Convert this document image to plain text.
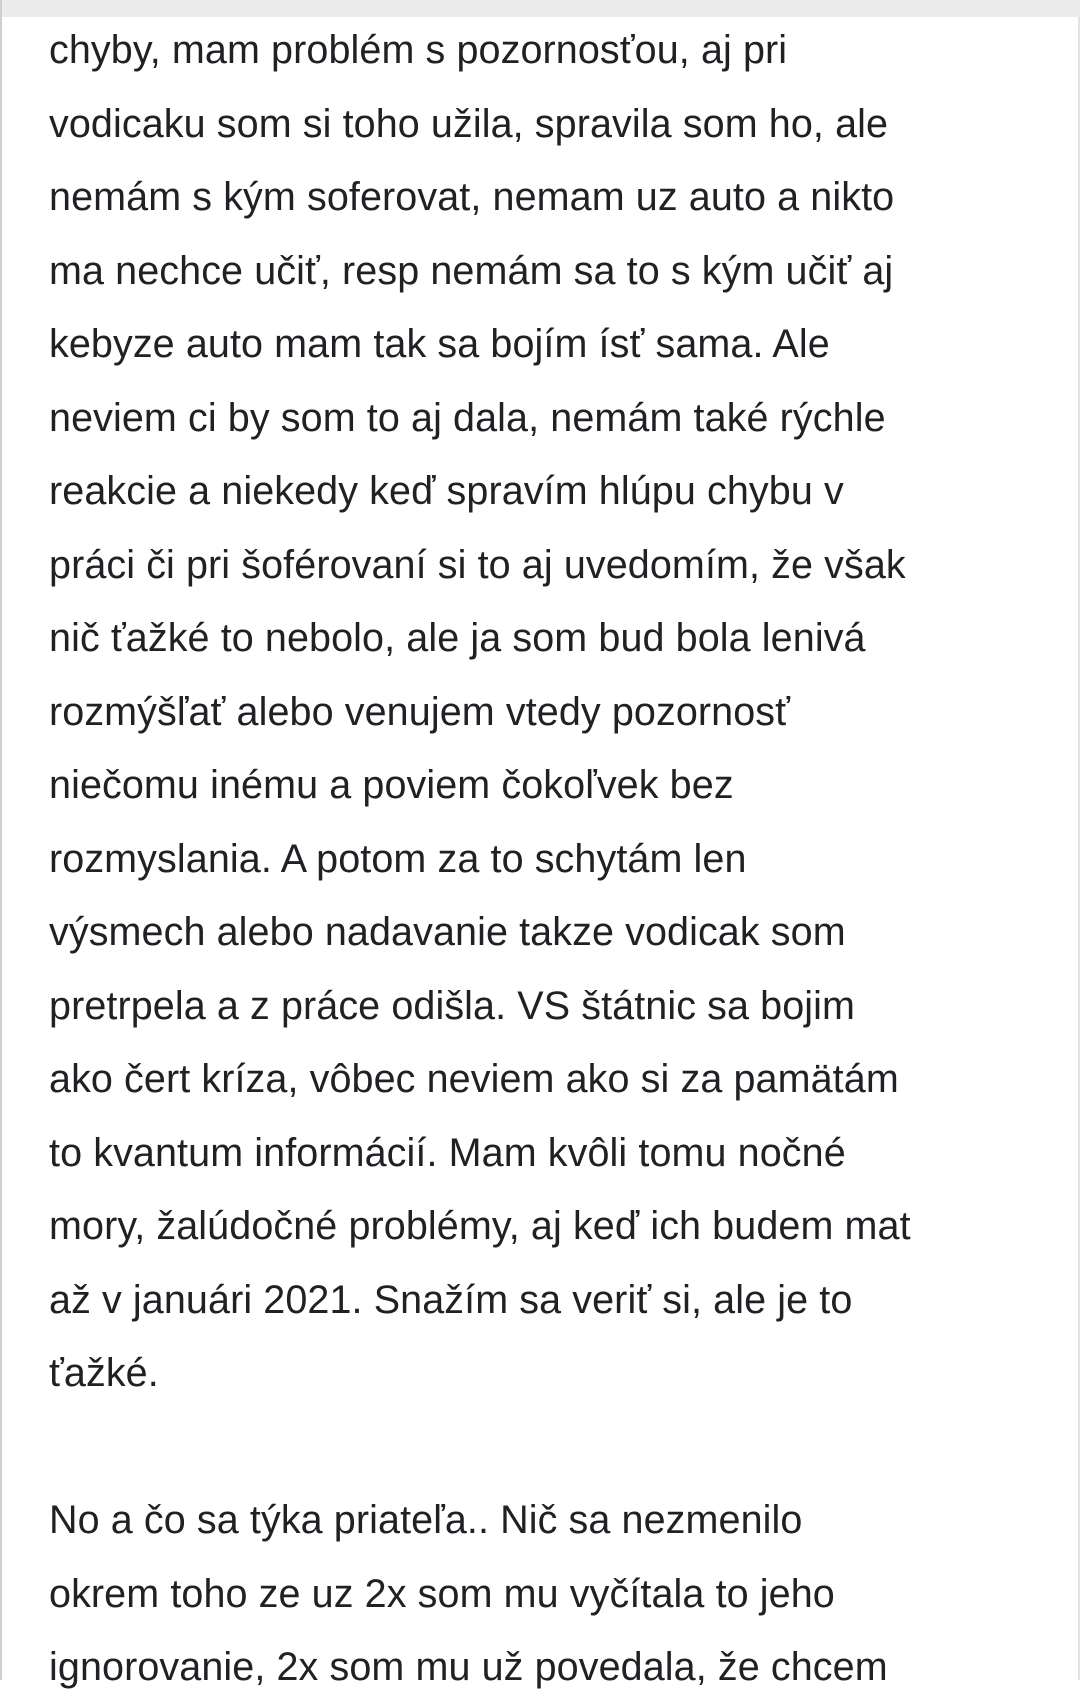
chyby, mam problém s pozornosťou, aj pri
vodicaku som si toho užila, spravila som ho, ale
nemám s kým soferovat, nemam uz auto a nikto
ma nechce učiť, resp nemám sa to s kým učiť aj
kebyze auto mam tak sa bojím ísť sama. Ale
neviem ci by som to aj dala, nemám také rýchle
reakcie a niekedy keď spravím hlúpu chybu v
práci či pri šoférovaní si to aj uvedomím, že však
nič ťažké to nebolo, ale ja som bud bola lenivá
rozmýšľať alebo venujem vtedy pozornosť
niečomu inému a poviem čokoľvek bez
rozmyslania. A potom za to schytám len
výsmech alebo nadavanie takze vodicak som
pretrpela a z práce odišla. VS štátnic sa bojim
ako čert kríza, vôbec neviem ako si za pamätám
to kvantum informácií. Mam kvôli tomu nočné
mory, žalúdočné problémy, aj keď ich budem mat
až v januári 2021. Snažím sa veriť si, ale je to
ťažké.
No a čo sa týka priateľa.. Nič sa nezmenilo
okrem toho ze uz 2x som mu vyčítala to jeho
ignorovanie, 2x som mu už povedala, že chcem
